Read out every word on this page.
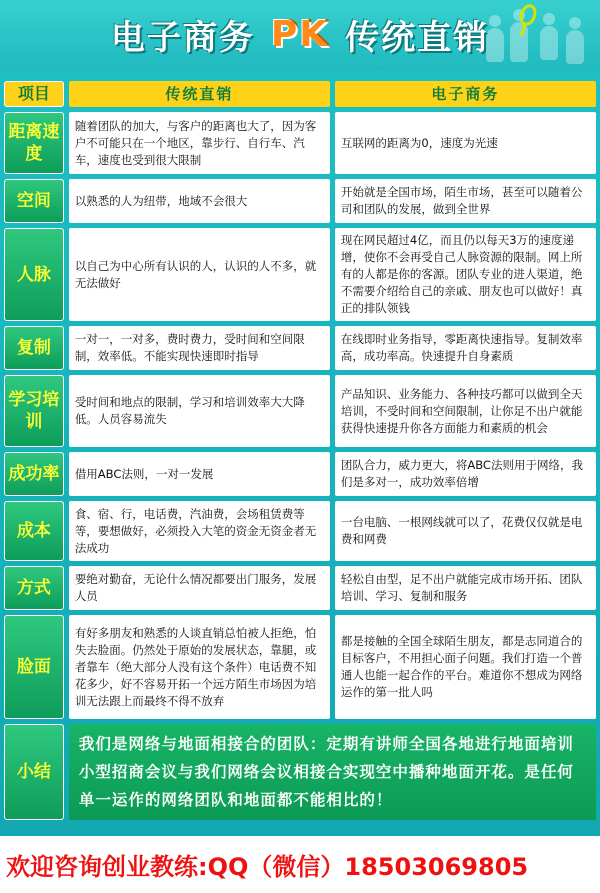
电子商务 PK 传统直销
项目		传统直销		电子商务
距离速度		随着团队的加大，与客户的距离也大了，因为客户不可能只在一个地区，靠步行、自行车、汽车，速度也受到很大限制		互联网的距离为0，速度为光速
空间		以熟悉的人为纽带，地域不会很大		开始就是全国市场，陌生市场，甚至可以随着公司和团队的发展，做到全世界
人脉		以自己为中心所有认识的人，认识的人不多，就无法做好		现在网民超过4亿，而且仍以每天3万的速度递增，使你不会再受自己人脉资源的限制。网上所有的人都是你的客源。团队专业的进人渠道，绝不需要介绍给自己的亲戚、朋友也可以做好！真正的排队领钱
复制		一对一，一对多，费时费力，受时间和空间限制，效率低。不能实现快速即时指导		在线即时业务指导，零距离快速指导。复制效率高，成功率高。快速提升自身素质
学习培训		受时间和地点的限制，学习和培训效率大大降低。人员容易流失		产品知识、业务能力、各种技巧都可以做到全天培训，不受时间和空间限制，让你足不出户就能获得快速提升你各方面能力和素质的机会
成功率		借用ABC法则，一对一发展		团队合力，威力更大，将ABC法则用于网络，我们是多对一，成功效率倍增
成本		食、宿、行，电话费，汽油费，会场租赁费等等，要想做好，必须投入大笔的资金无资金者无法成功		一台电脑、一根网线就可以了，花费仅仅就是电费和网费
方式		要绝对勤奋，无论什么情况都要出门服务，发展人员		轻松自由型，足不出户就能完成市场开拓、团队培训、学习、复制和服务
脸面		有好多朋友和熟悉的人谈直销总怕被人拒绝，怕失去脸面。仍然处于原始的发展状态，靠腿，或者靠车（绝大部分人没有这个条件）电话费不知花多少，好不容易开拓一个远方陌生市场因为培训无法跟上而最终不得不放弃		都是接触的全国全球陌生朋友，都是志同道合的目标客户，不用担心面子问题。我们打造一个普通人也能一起合作的平台。难道你不想成为网络运作的第一批人吗
小结		我们是网络与地面相接合的团队：定期有讲师全国各地进行地面培训小型招商会议与我们网络会议相接合实现空中播种地面开花。是任何单一运作的网络团队和地面都不能相比的！		
欢迎咨询创业教练:QQ（微信）18503069805
